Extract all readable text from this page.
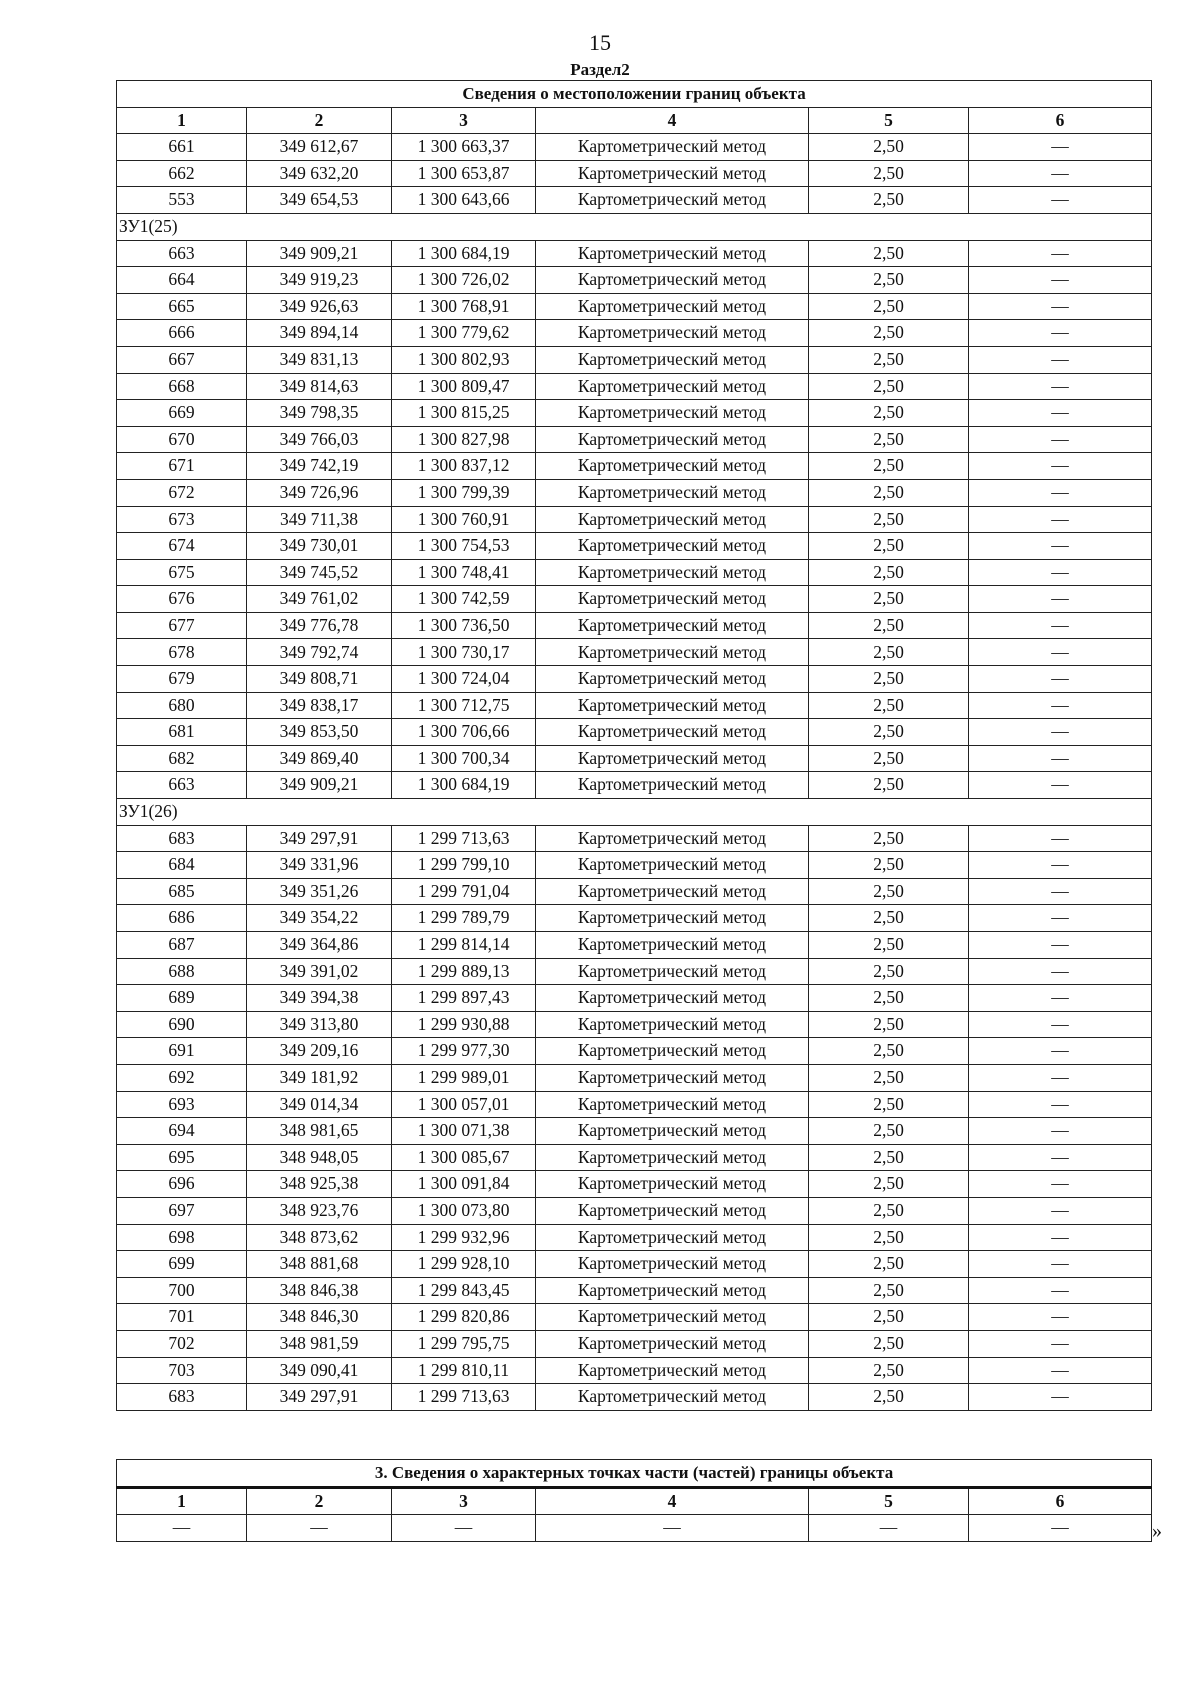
15
Раздел2
Сведения о местоположении границ объекта					
1	2	3	4	5	6
661	349 612,67	1 300 663,37	Картометрический метод	2,50	—
662	349 632,20	1 300 653,87	Картометрический метод	2,50	—
553	349 654,53	1 300 643,66	Картометрический метод	2,50	—
ЗУ1(25)					
663	349 909,21	1 300 684,19	Картометрический метод	2,50	—
664	349 919,23	1 300 726,02	Картометрический метод	2,50	—
665	349 926,63	1 300 768,91	Картометрический метод	2,50	—
666	349 894,14	1 300 779,62	Картометрический метод	2,50	—
667	349 831,13	1 300 802,93	Картометрический метод	2,50	—
668	349 814,63	1 300 809,47	Картометрический метод	2,50	—
669	349 798,35	1 300 815,25	Картометрический метод	2,50	—
670	349 766,03	1 300 827,98	Картометрический метод	2,50	—
671	349 742,19	1 300 837,12	Картометрический метод	2,50	—
672	349 726,96	1 300 799,39	Картометрический метод	2,50	—
673	349 711,38	1 300 760,91	Картометрический метод	2,50	—
674	349 730,01	1 300 754,53	Картометрический метод	2,50	—
675	349 745,52	1 300 748,41	Картометрический метод	2,50	—
676	349 761,02	1 300 742,59	Картометрический метод	2,50	—
677	349 776,78	1 300 736,50	Картометрический метод	2,50	—
678	349 792,74	1 300 730,17	Картометрический метод	2,50	—
679	349 808,71	1 300 724,04	Картометрический метод	2,50	—
680	349 838,17	1 300 712,75	Картометрический метод	2,50	—
681	349 853,50	1 300 706,66	Картометрический метод	2,50	—
682	349 869,40	1 300 700,34	Картометрический метод	2,50	—
663	349 909,21	1 300 684,19	Картометрический метод	2,50	—
ЗУ1(26)					
683	349 297,91	1 299 713,63	Картометрический метод	2,50	—
684	349 331,96	1 299 799,10	Картометрический метод	2,50	—
685	349 351,26	1 299 791,04	Картометрический метод	2,50	—
686	349 354,22	1 299 789,79	Картометрический метод	2,50	—
687	349 364,86	1 299 814,14	Картометрический метод	2,50	—
688	349 391,02	1 299 889,13	Картометрический метод	2,50	—
689	349 394,38	1 299 897,43	Картометрический метод	2,50	—
690	349 313,80	1 299 930,88	Картометрический метод	2,50	—
691	349 209,16	1 299 977,30	Картометрический метод	2,50	—
692	349 181,92	1 299 989,01	Картометрический метод	2,50	—
693	349 014,34	1 300 057,01	Картометрический метод	2,50	—
694	348 981,65	1 300 071,38	Картометрический метод	2,50	—
695	348 948,05	1 300 085,67	Картометрический метод	2,50	—
696	348 925,38	1 300 091,84	Картометрический метод	2,50	—
697	348 923,76	1 300 073,80	Картометрический метод	2,50	—
698	348 873,62	1 299 932,96	Картометрический метод	2,50	—
699	348 881,68	1 299 928,10	Картометрический метод	2,50	—
700	348 846,38	1 299 843,45	Картометрический метод	2,50	—
701	348 846,30	1 299 820,86	Картометрический метод	2,50	—
702	348 981,59	1 299 795,75	Картометрический метод	2,50	—
703	349 090,41	1 299 810,11	Картометрический метод	2,50	—
683	349 297,91	1 299 713,63	Картометрический метод	2,50	—
3. Сведения о характерных точках части (частей) границы объекта					
1	2	3	4	5	6
—	—	—	—	—	—	»
